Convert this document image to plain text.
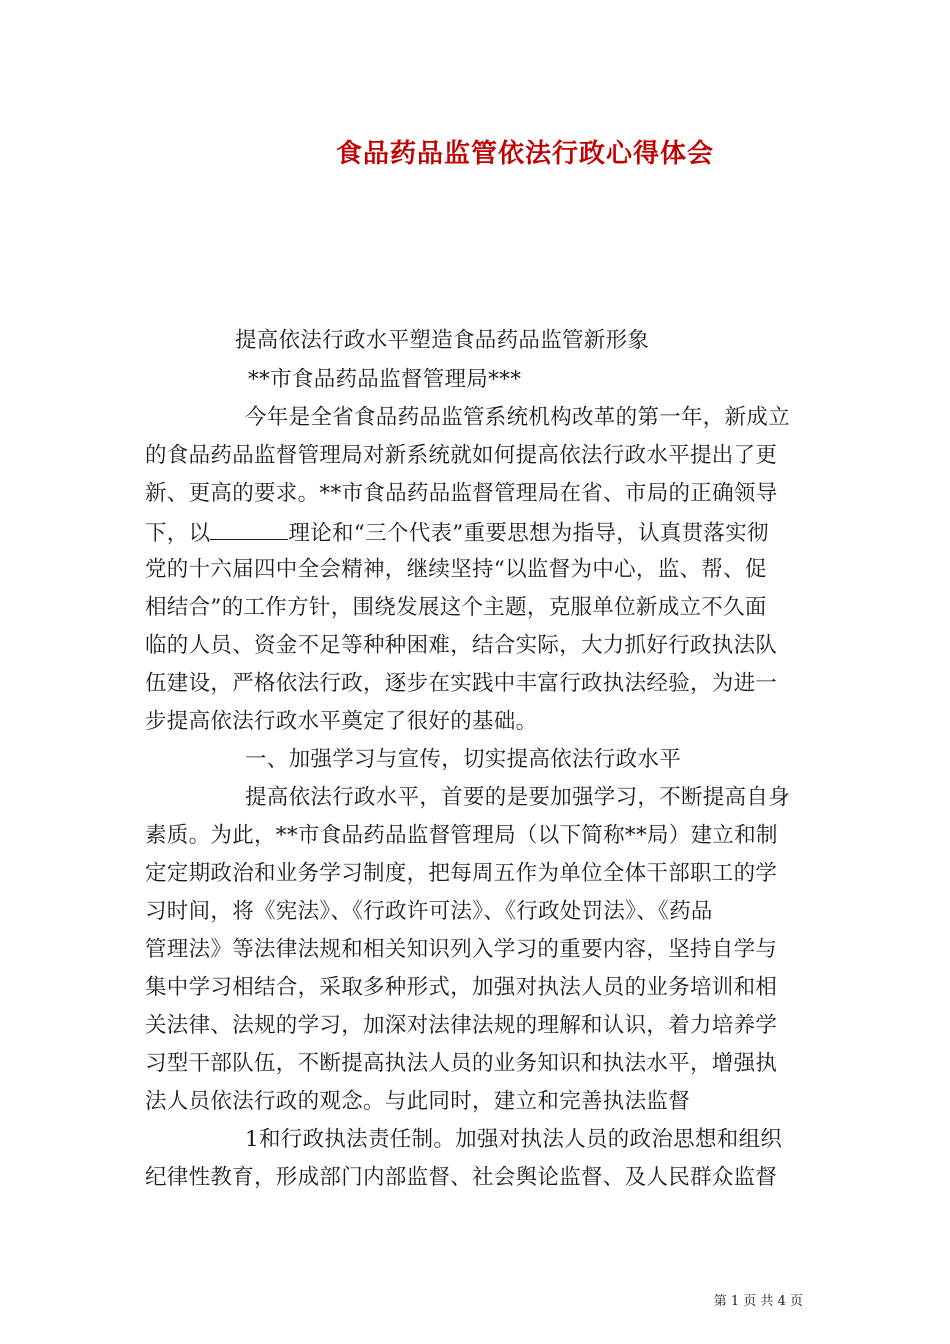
食品药品监管依法行政心得体会
提高依法行政水平塑造食品药品监管新形象
**市食品药品监督管理局***
今年是全省食品药品监管系统机构改革的第一年，新成立
的食品药品监督管理局对新系统就如何提高依法行政水平提出了更
新、更高的要求。**市食品药品监督管理局在省、市局的正确领导
下，以	理论和“三个代表”重要思想为指导，认真贯落实彻
党的十六届四中全会精神，继续坚持“以监督为中心，监、帮、促
相结合”的工作方针，围绕发展这个主题，克服单位新成立不久面
临的人员、资金不足等种种困难，结合实际，大力抓好行政执法队
伍建设，严格依法行政，逐步在实践中丰富行政执法经验，为进一
步提高依法行政水平奠定了很好的基础。
一、加强学习与宣传，切实提高依法行政水平
提高依法行政水平，首要的是要加强学习，不断提高自身
素质。为此，**市食品药品监督管理局（以下简称**局）建立和制
定定期政治和业务学习制度，把每周五作为单位全体干部职工的学
习时间，将《宪法》、《行政许可法》、《行政处罚法》、《药品
管理法》等法律法规和相关知识列入学习的重要内容，坚持自学与
集中学习相结合，采取多种形式，加强对执法人员的业务培训和相
关法律、法规的学习，加深对法律法规的理解和认识，着力培养学
习型干部队伍，不断提高执法人员的业务知识和执法水平，增强执
法人员依法行政的观念。与此同时，建立和完善执法监督
1和行政执法责任制。加强对执法人员的政治思想和组织
纪律性教育，形成部门内部监督、社会舆论监督、及人民群众监督
第 1 页 共 4 页
